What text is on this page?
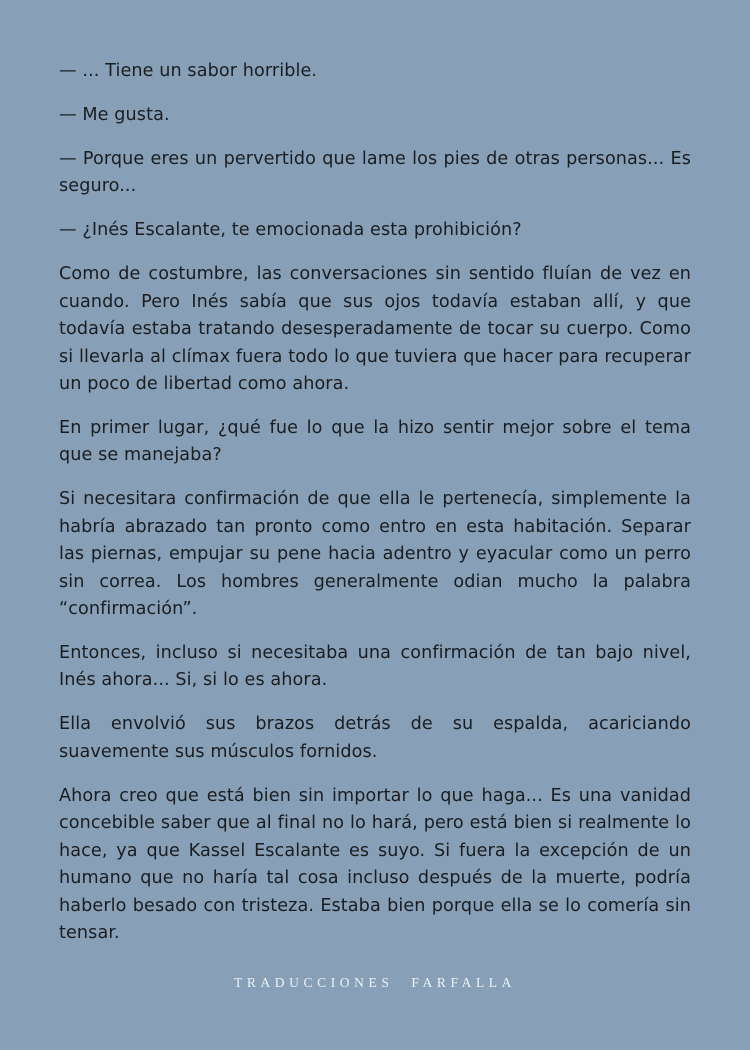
— ... Tiene un sabor horrible.

— Me gusta.

— Porque eres un pervertido que lame los pies de otras personas... Es seguro...

— ¿Inés Escalante, te emocionada esta prohibición?

Como de costumbre, las conversaciones sin sentido fluían de vez en cuando. Pero Inés sabía que sus ojos todavía estaban allí, y que todavía estaba tratando desesperadamente de tocar su cuerpo. Como si llevarla al clímax fuera todo lo que tuviera que hacer para recuperar un poco de libertad como ahora.

En primer lugar, ¿qué fue lo que la hizo sentir mejor sobre el tema que se manejaba?

Si necesitara confirmación de que ella le pertenecía, simplemente la habría abrazado tan pronto como entro en esta habitación. Separar las piernas, empujar su pene hacia adentro y eyacular como un perro sin correa. Los hombres generalmente odian mucho la palabra “confirmación”.

Entonces, incluso si necesitaba una confirmación de tan bajo nivel, Inés ahora... Si, si lo es ahora.

Ella envolvió sus brazos detrás de su espalda, acariciando suavemente sus músculos fornidos.

Ahora creo que está bien sin importar lo que haga... Es una vanidad concebible saber que al final no lo hará, pero está bien si realmente lo hace, ya que Kassel Escalante es suyo. Si fuera la excepción de un humano que no haría tal cosa incluso después de la muerte, podría haberlo besado con tristeza. Estaba bien porque ella se lo comería sin tensar.

TRADUCCIONES FARFALLA
